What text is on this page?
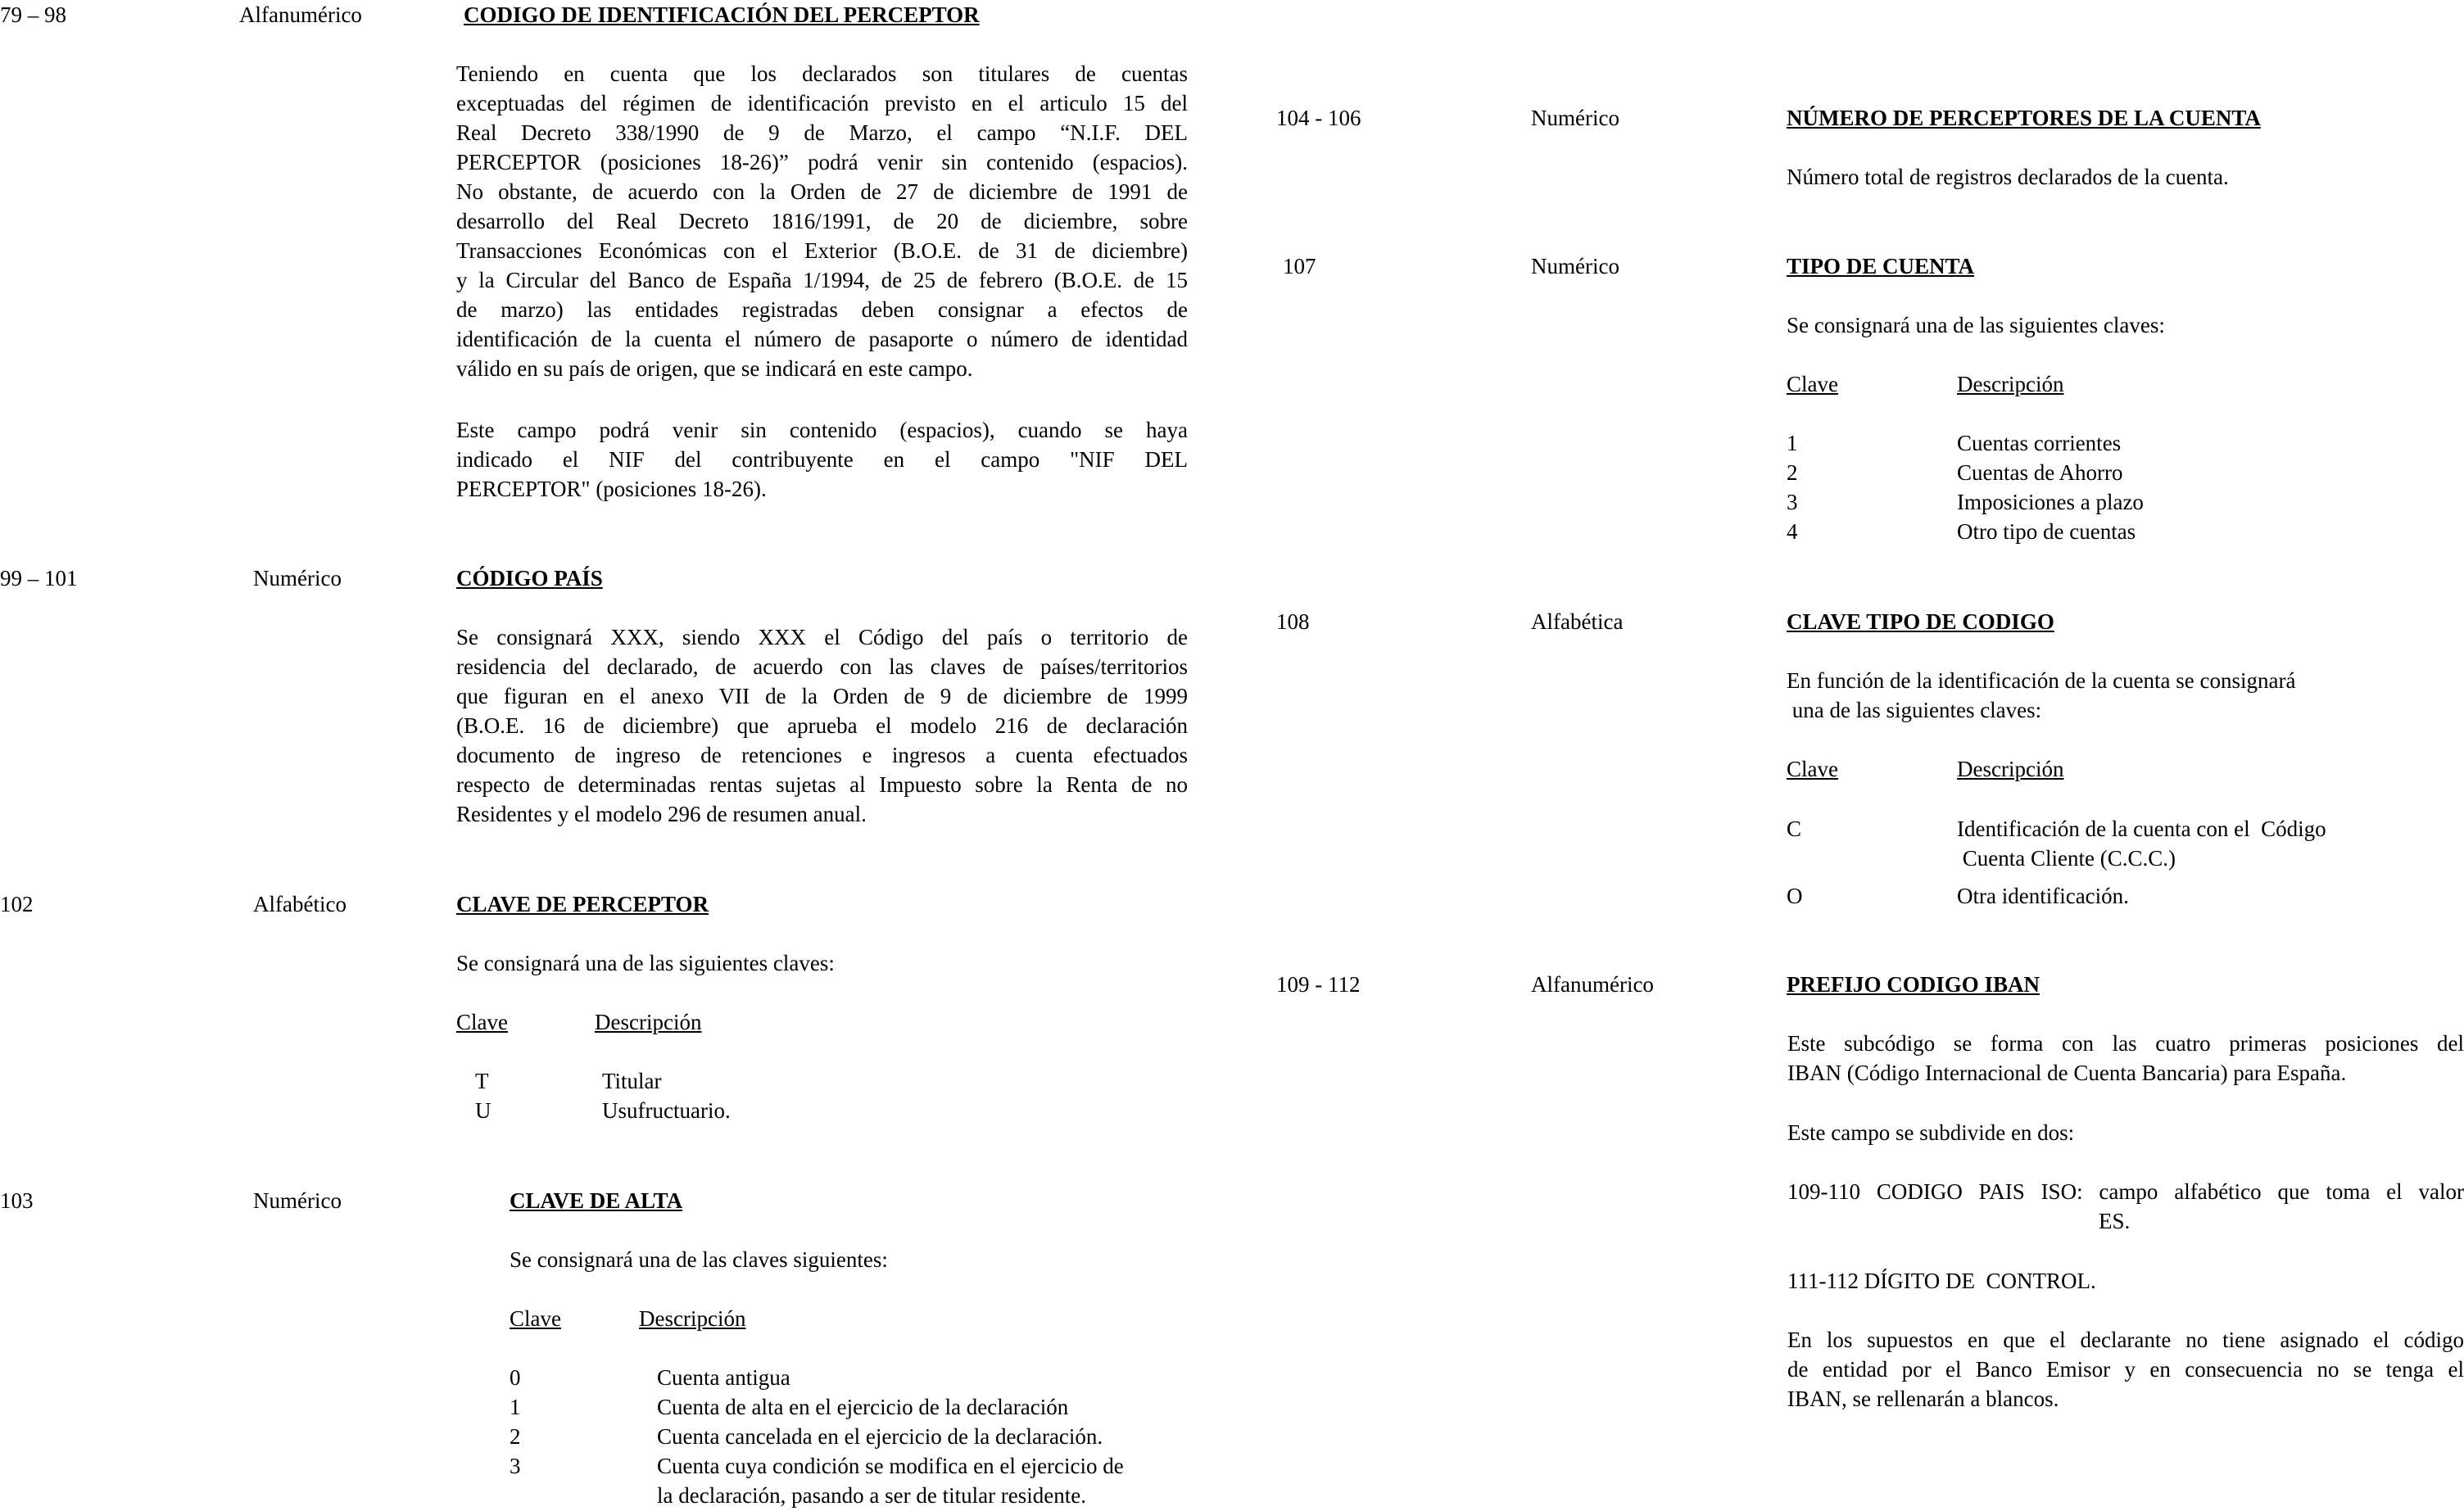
79 – 98	Alfanumérico	CODIGO DE IDENTIFICACIÓN DEL PERCEPTOR
Teniendo en cuenta que los declarados son titulares de cuentas
exceptuadas del régimen de identificación previsto en el articulo 15 del
Real Decreto 338/1990 de 9 de Marzo, el campo “N.I.F. DEL
PERCEPTOR (posiciones 18-26)” podrá venir sin contenido (espacios).
No obstante, de acuerdo con la Orden de 27 de diciembre de 1991 de
desarrollo del Real Decreto 1816/1991, de 20 de diciembre, sobre
Transacciones Económicas con el Exterior (B.O.E. de 31 de diciembre)
y la Circular del Banco de España 1/1994, de 25 de febrero (B.O.E. de 15
de marzo) las entidades registradas deben consignar a efectos de
identificación de la cuenta el número de pasaporte o número de identidad
válido en su país de origen, que se indicará en este campo.
Este campo podrá venir sin contenido (espacios), cuando se haya
indicado el NIF del contribuyente en el campo "NIF DEL
PERCEPTOR" (posiciones 18-26).
99 – 101	Numérico	CÓDIGO PAÍS
Se consignará XXX, siendo XXX el Código del país o territorio de
residencia del declarado, de acuerdo con las claves de países/territorios
que figuran en el anexo VII de la Orden de 9 de diciembre de 1999
(B.O.E. 16 de diciembre) que aprueba el modelo 216 de declaración
documento de ingreso de retenciones e ingresos a cuenta efectuados
respecto de determinadas rentas sujetas al Impuesto sobre la Renta de no
Residentes y el modelo 296 de resumen anual.
102	Alfabético	CLAVE DE PERCEPTOR
Se consignará una de las siguientes claves:
Clave	Descripción
T	Titular
U	Usufructuario.
103	Numérico	CLAVE DE ALTA
Se consignará una de las claves siguientes:
Clave	Descripción
0	Cuenta antigua
1	Cuenta de alta en el ejercicio de la declaración
2	Cuenta cancelada en el ejercicio de la declaración.
3	Cuenta cuya condición se modifica en el ejercicio de
la declaración, pasando a ser de titular residente.
104 - 106	Numérico	NÚMERO DE PERCEPTORES DE LA CUENTA
Número total de registros declarados de la cuenta.
107	Numérico	TIPO DE CUENTA
Se consignará una de las siguientes claves:
Clave	Descripción
1	Cuentas corrientes
2	Cuentas de Ahorro
3	Imposiciones a plazo
4	Otro tipo de cuentas
108	Alfabética	CLAVE TIPO DE CODIGO
En función de la identificación de la cuenta se consignará
una de las siguientes claves:
Clave	Descripción
C	Identificación de la cuenta con el  Código
Cuenta Cliente (C.C.C.)
O	Otra identificación.
109 - 112	Alfanumérico	PREFIJO CODIGO IBAN
Este subcódigo se forma con las cuatro primeras posiciones del
IBAN (Código Internacional de Cuenta Bancaria) para España.
Este campo se subdivide en dos:
109-110 CODIGO PAIS ISO: campo alfabético que toma el valor
ES.
111-112 DÍGITO DE  CONTROL.
En los supuestos en que el declarante no tiene asignado el código
de entidad por el Banco Emisor y en consecuencia no se tenga el
IBAN, se rellenarán a blancos.
